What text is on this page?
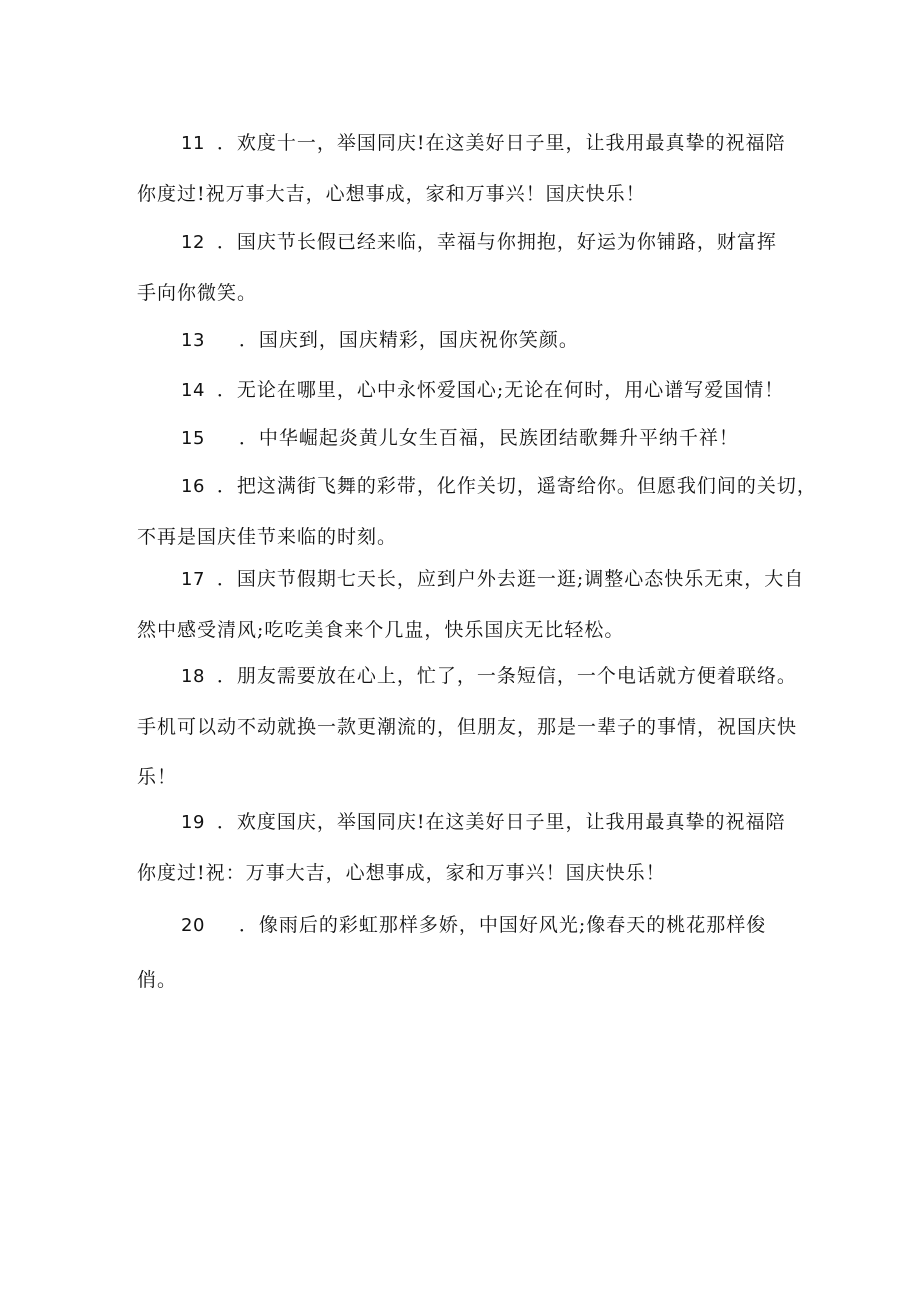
11 ．欢度十一，举国同庆!在这美好日子里，让我用最真挚的祝福陪
你度过!祝万事大吉，心想事成，家和万事兴！国庆快乐！
12 ．国庆节长假已经来临，幸福与你拥抱，好运为你铺路，财富挥
手向你微笑。
13 ．国庆到，国庆精彩，国庆祝你笑颜。
14 ．无论在哪里，心中永怀爱国心;无论在何时，用心谱写爱国情！
15 ．中华崛起炎黄儿女生百福，民族团结歌舞升平纳千祥！
16 ．把这满街飞舞的彩带，化作关切，遥寄给你。但愿我们间的关切，
不再是国庆佳节来临的时刻。
17 ．国庆节假期七天长，应到户外去逛一逛;调整心态快乐无束，大自
然中感受清风;吃吃美食来个几盅，快乐国庆无比轻松。
18 ．朋友需要放在心上，忙了，一条短信，一个电话就方便着联络。
手机可以动不动就换一款更潮流的，但朋友，那是一辈子的事情，祝国庆快
乐！
19 ．欢度国庆，举国同庆!在这美好日子里，让我用最真挚的祝福陪
你度过!祝：万事大吉，心想事成，家和万事兴！国庆快乐！
20 ．像雨后的彩虹那样多娇，中国好风光;像春天的桃花那样俊
俏。
